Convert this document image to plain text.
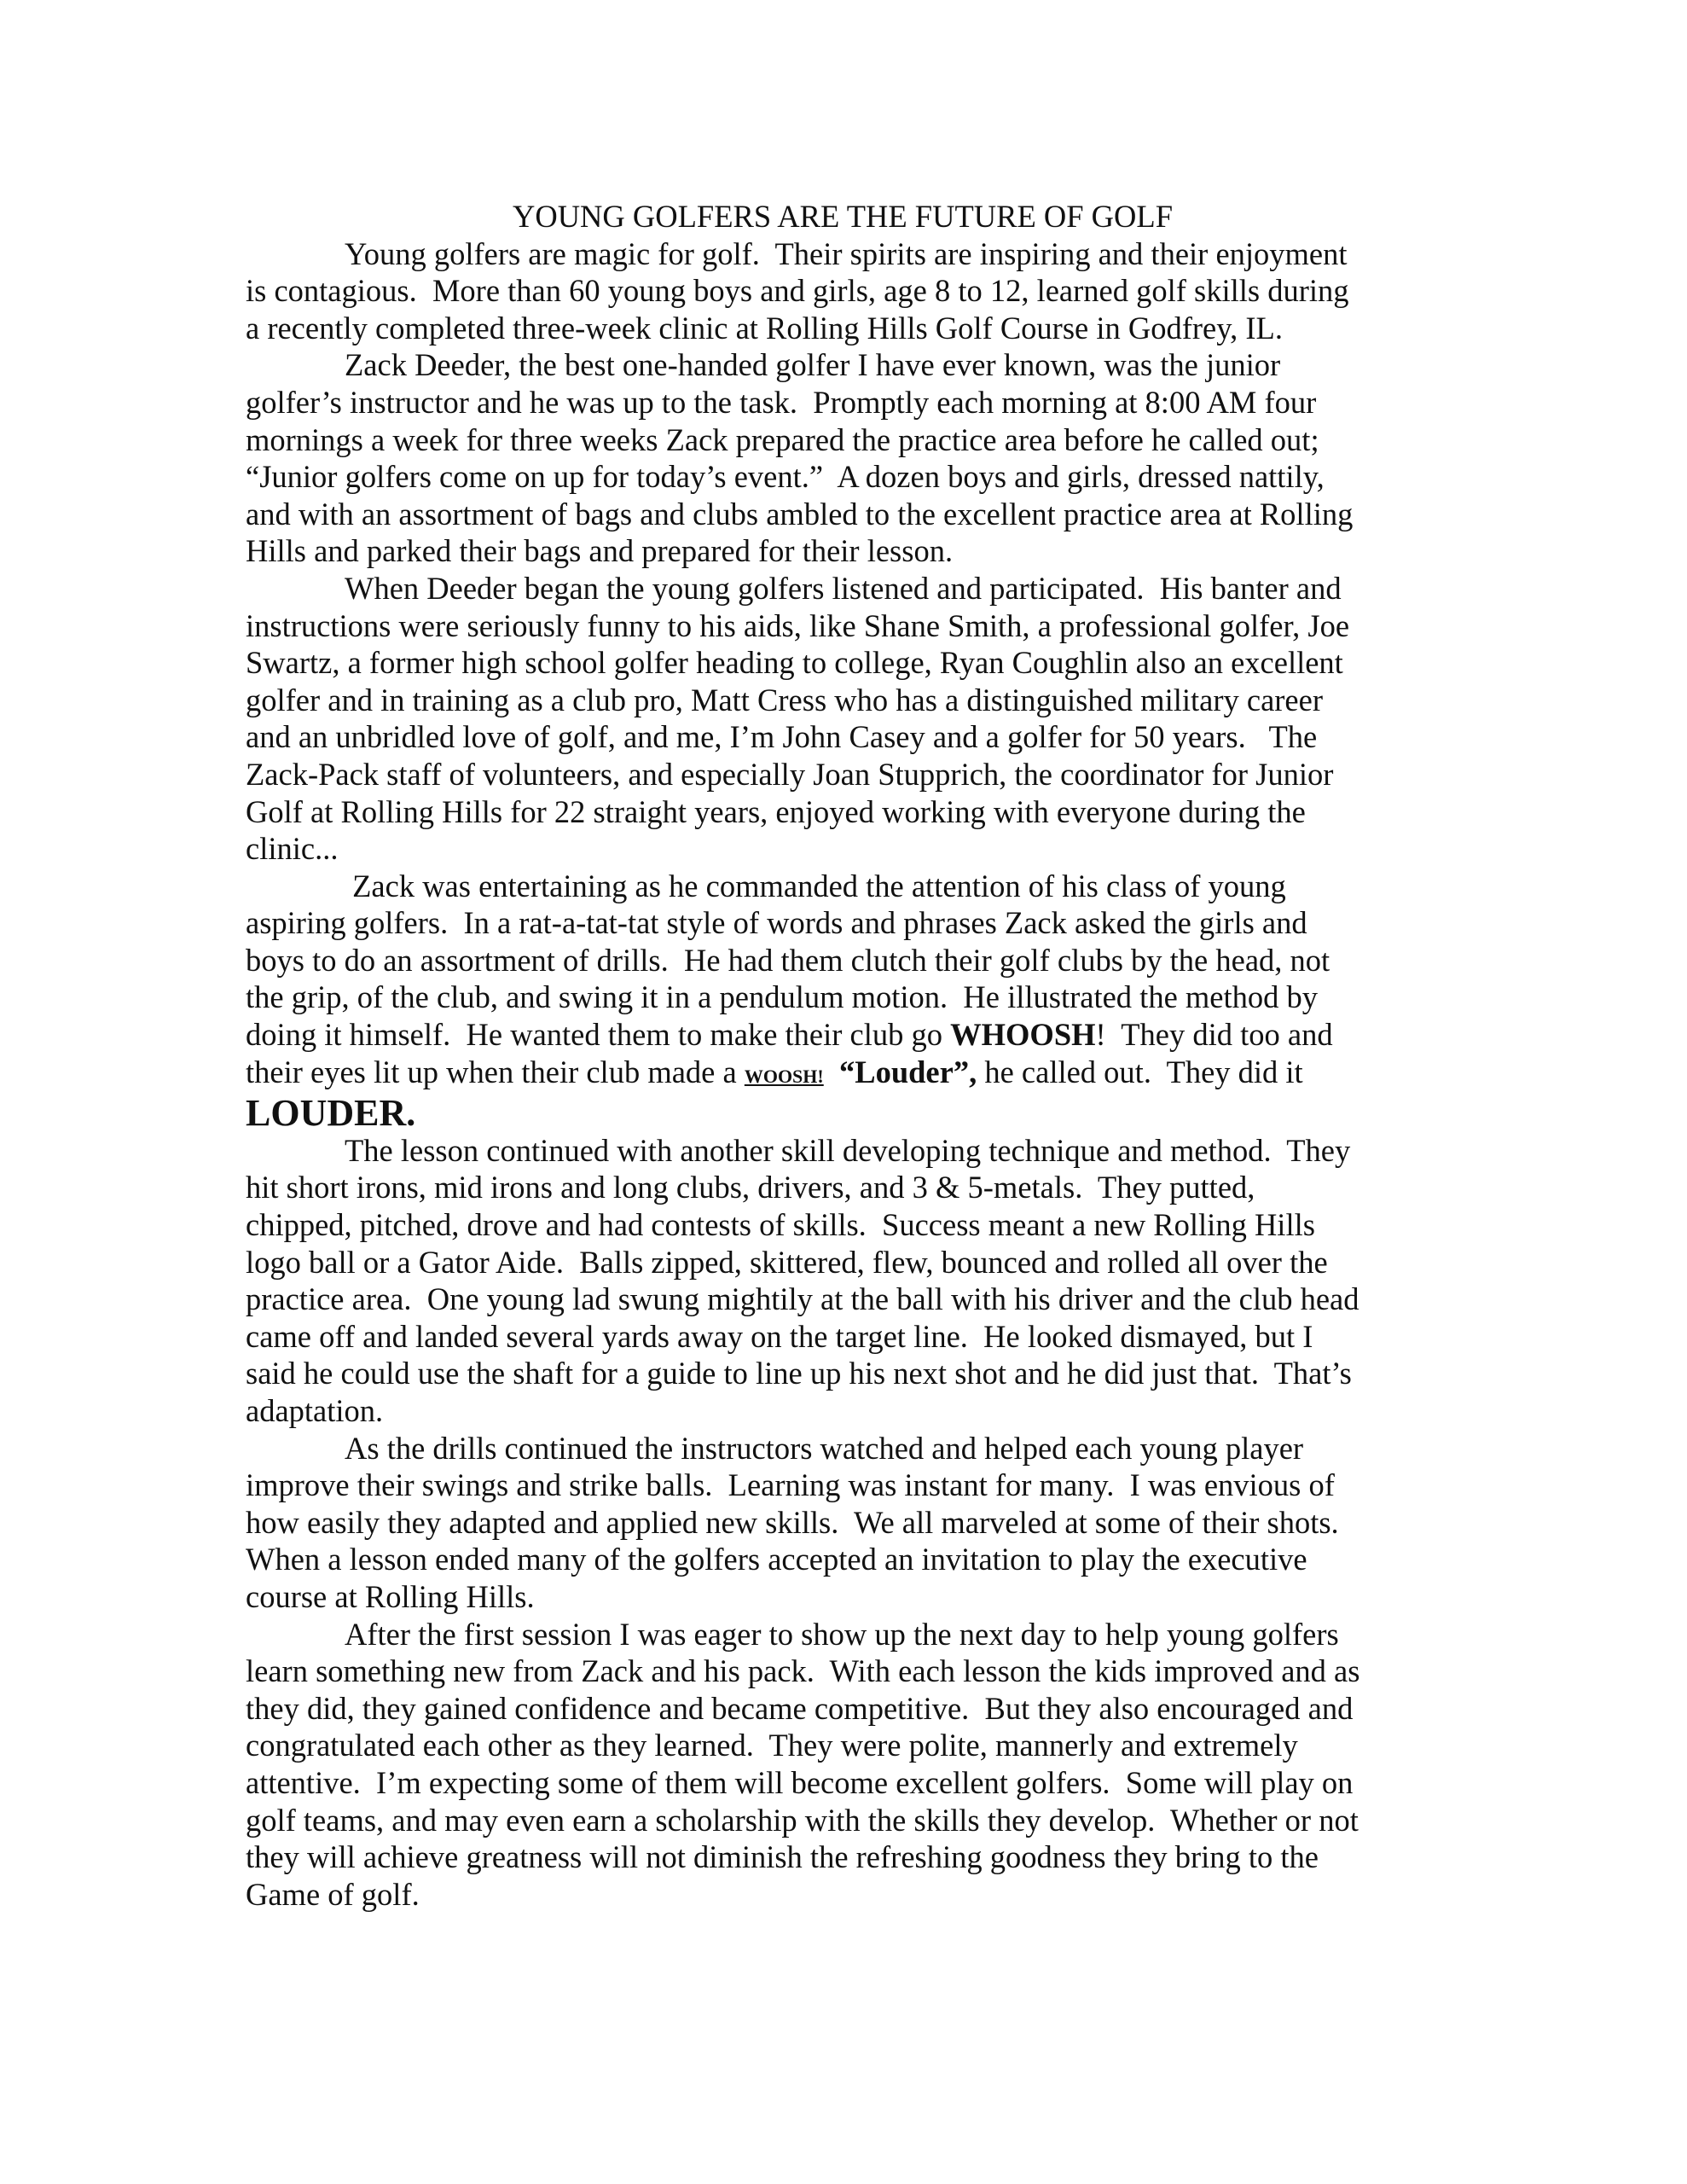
YOUNG GOLFERS ARE THE FUTURE OF GOLF
Young golfers are magic for golf.  Their spirits are inspiring and their enjoyment
is contagious.  More than 60 young boys and girls, age 8 to 12, learned golf skills during
a recently completed three-week clinic at Rolling Hills Golf Course in Godfrey, IL.
Zack Deeder, the best one-handed golfer I have ever known, was the junior
golfer’s instructor and he was up to the task.  Promptly each morning at 8:00 AM four
mornings a week for three weeks Zack prepared the practice area before he called out;
“Junior golfers come on up for today’s event.”  A dozen boys and girls, dressed nattily,
and with an assortment of bags and clubs ambled to the excellent practice area at Rolling
Hills and parked their bags and prepared for their lesson.
When Deeder began the young golfers listened and participated.  His banter and
instructions were seriously funny to his aids, like Shane Smith, a professional golfer, Joe
Swartz, a former high school golfer heading to college, Ryan Coughlin also an excellent
golfer and in training as a club pro, Matt Cress who has a distinguished military career
and an unbridled love of golf, and me, I’m John Casey and a golfer for 50 years.   The
Zack-Pack staff of volunteers, and especially Joan Stupprich, the coordinator for Junior
Golf at Rolling Hills for 22 straight years, enjoyed working with everyone during the
clinic...
Zack was entertaining as he commanded the attention of his class of young
aspiring golfers.  In a rat-a-tat-tat style of words and phrases Zack asked the girls and
boys to do an assortment of drills.  He had them clutch their golf clubs by the head, not
the grip, of the club, and swing it in a pendulum motion.  He illustrated the method by
doing it himself.  He wanted them to make their club go WHOOSH!  They did too and
their eyes lit up when their club made a WOOSH! “Louder”, he called out.  They did it
LOUDER.
The lesson continued with another skill developing technique and method.  They
hit short irons, mid irons and long clubs, drivers, and 3 & 5-metals.  They putted,
chipped, pitched, drove and had contests of skills.  Success meant a new Rolling Hills
logo ball or a Gator Aide.  Balls zipped, skittered, flew, bounced and rolled all over the
practice area.  One young lad swung mightily at the ball with his driver and the club head
came off and landed several yards away on the target line.  He looked dismayed, but I
said he could use the shaft for a guide to line up his next shot and he did just that.  That’s
adaptation.
As the drills continued the instructors watched and helped each young player
improve their swings and strike balls.  Learning was instant for many.  I was envious of
how easily they adapted and applied new skills.  We all marveled at some of their shots.
When a lesson ended many of the golfers accepted an invitation to play the executive
course at Rolling Hills.
After the first session I was eager to show up the next day to help young golfers
learn something new from Zack and his pack.  With each lesson the kids improved and as
they did, they gained confidence and became competitive.  But they also encouraged and
congratulated each other as they learned.  They were polite, mannerly and extremely
attentive.  I’m expecting some of them will become excellent golfers.  Some will play on
golf teams, and may even earn a scholarship with the skills they develop.  Whether or not
they will achieve greatness will not diminish the refreshing goodness they bring to the
Game of golf.
